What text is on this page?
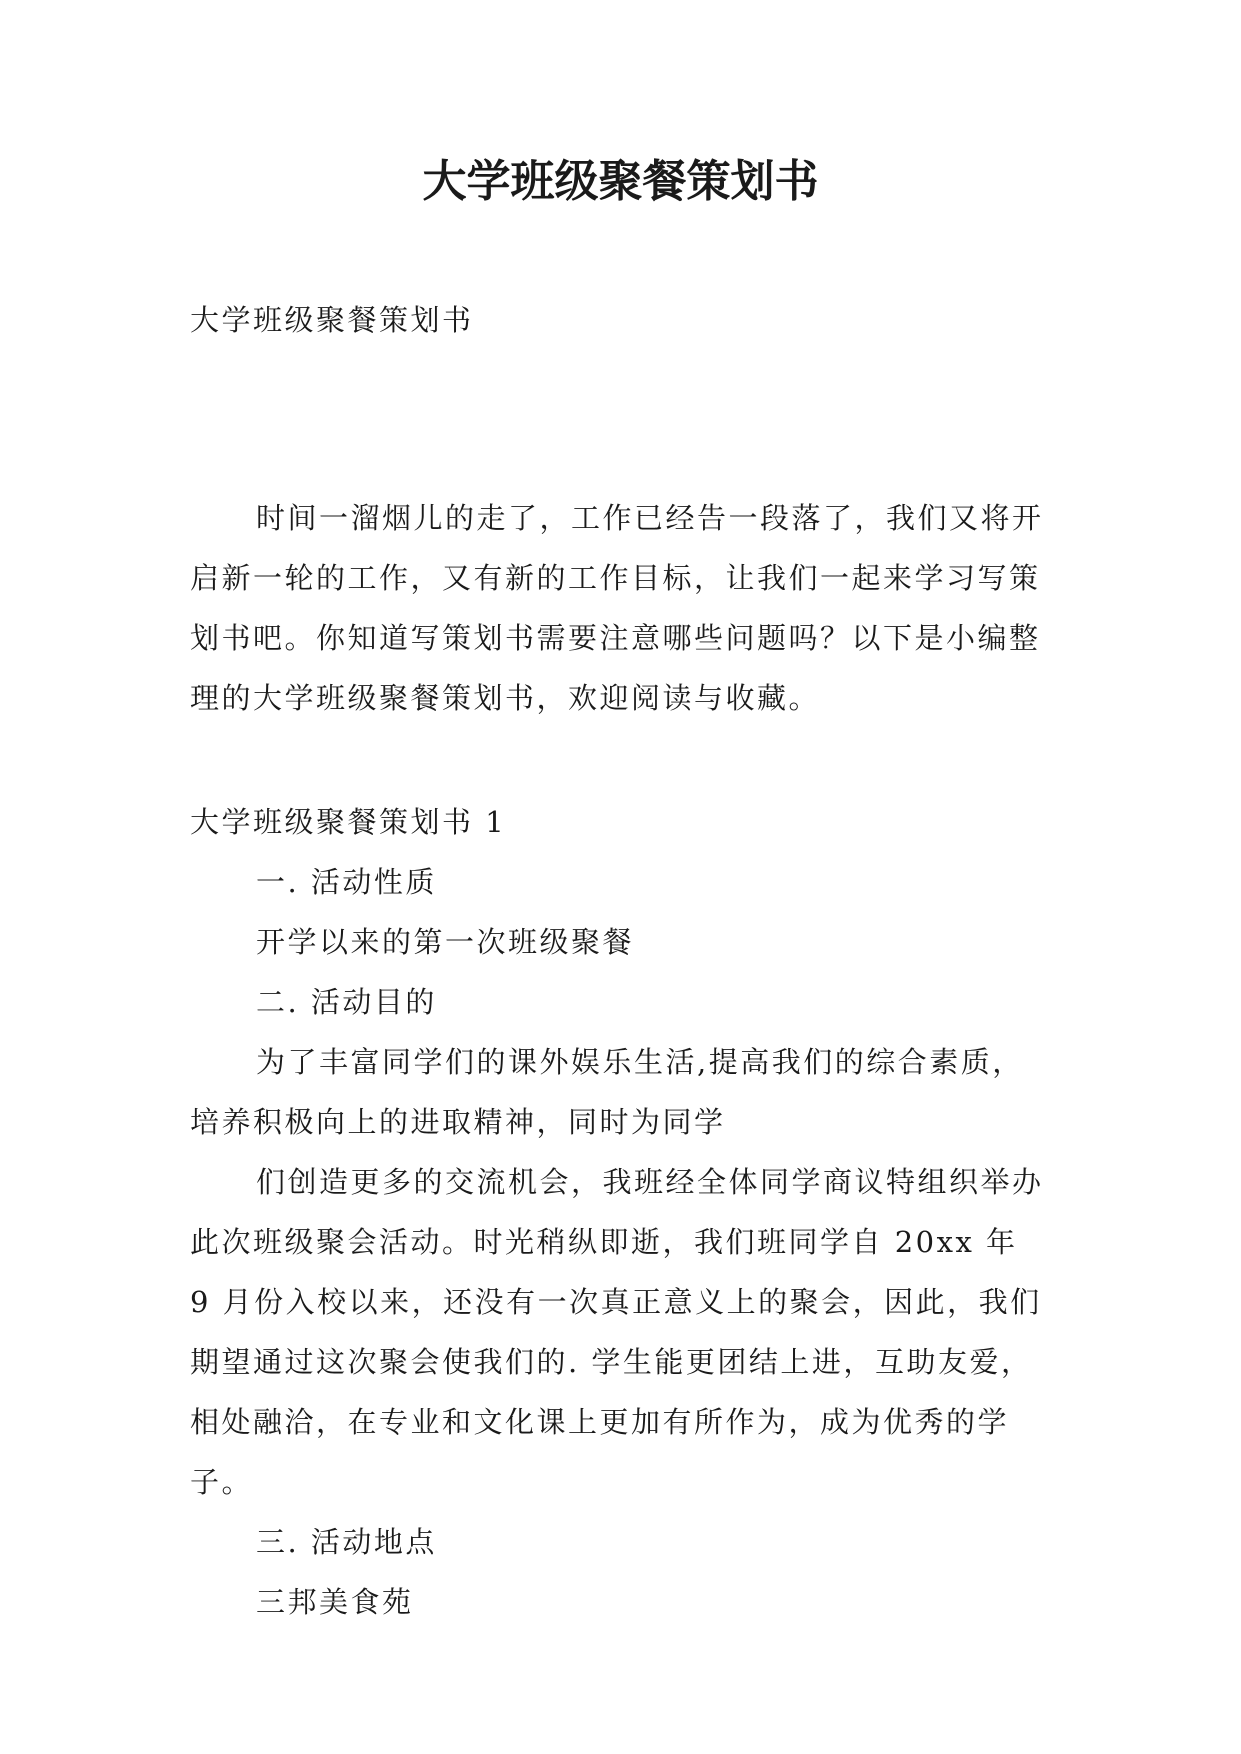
大学班级聚餐策划书

大学班级聚餐策划书

时间一溜烟儿的走了，工作已经告一段落了，我们又将开启新一轮的工作，又有新的工作目标，让我们一起来学习写策划书吧。你知道写策划书需要注意哪些问题吗？以下是小编整理的大学班级聚餐策划书，欢迎阅读与收藏。

大学班级聚餐策划书 1

一. 活动性质

开学以来的第一次班级聚餐

二. 活动目的

为了丰富同学们的课外娱乐生活,提高我们的综合素质，培养积极向上的进取精神，同时为同学

们创造更多的交流机会，我班经全体同学商议特组织举办此次班级聚会活动。时光稍纵即逝，我们班同学自 20xx 年 9 月份入校以来，还没有一次真正意义上的聚会，因此，我们期望通过这次聚会使我们的. 学生能更团结上进，互助友爱，相处融洽，在专业和文化课上更加有所作为，成为优秀的学子。

三. 活动地点

三邦美食苑
